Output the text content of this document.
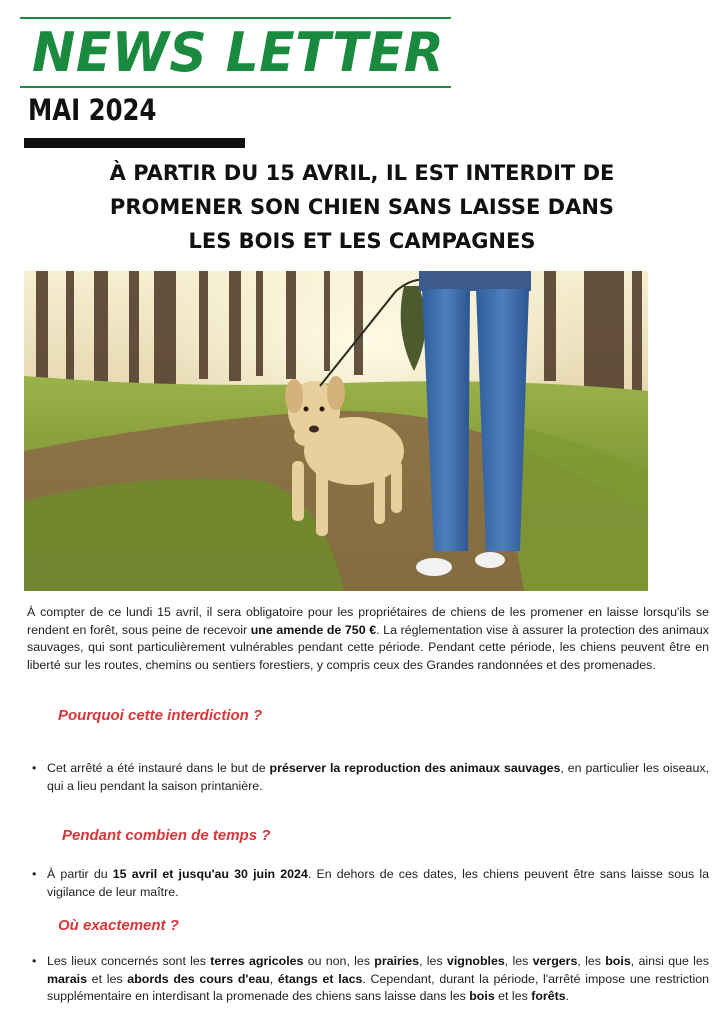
NEWS LETTER
MAI 2024
À PARTIR DU 15 AVRIL, IL EST INTERDIT DE
PROMENER SON CHIEN SANS LAISSE DANS
LES BOIS ET LES CAMPAGNES
À compter de ce lundi 15 avril, il sera obligatoire pour les propriétaires de chiens de les promener en laisse lorsqu'ils se rendent en forêt, sous peine de recevoir une amende de 750 €. La réglementation vise à assurer la protection des animaux sauvages, qui sont particulièrement vulnérables pendant cette période. Pendant cette période, les chiens peuvent être en liberté sur les routes, chemins ou sentiers forestiers, y compris ceux des Grandes randonnées et des promenades.
Pourquoi cette interdiction ?
• Cet arrêté a été instauré dans le but de préserver la reproduction des animaux sauvages, en particulier les oiseaux, qui a lieu pendant la saison printanière.
Pendant combien de temps ?
• À partir du 15 avril et jusqu'au 30 juin 2024. En dehors de ces dates, les chiens peuvent être sans laisse sous la vigilance de leur maître.
Où exactement ?
• Les lieux concernés sont les terres agricoles ou non, les prairies, les vignobles, les vergers, les bois, ainsi que les marais et les abords des cours d'eau, étangs et lacs. Cependant, durant la période, l'arrêté impose une restriction supplémentaire en interdisant la promenade des chiens sans laisse dans les bois et les forêts.
